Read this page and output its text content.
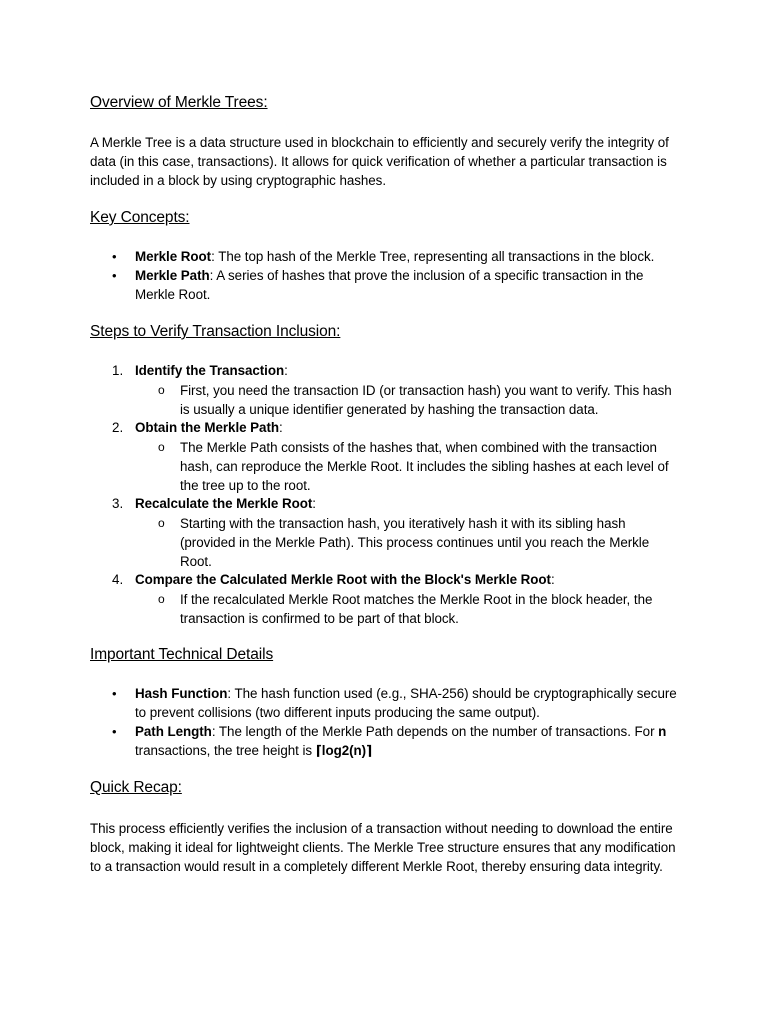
Overview of Merkle Trees:

A Merkle Tree is a data structure used in blockchain to efficiently and securely verify the integrity of data (in this case, transactions). It allows for quick verification of whether a particular transaction is included in a block by using cryptographic hashes.

Key Concepts:
• Merkle Root: The top hash of the Merkle Tree, representing all transactions in the block.

• Merkle Path: A series of hashes that prove the inclusion of a specific transaction in the Merkle Root.

Steps to Verify Transaction Inclusion:
1. Identify the Transaction:

o First, you need the transaction ID (or transaction hash) you want to verify. This hash is usually a unique identifier generated by hashing the transaction data.

2. Obtain the Merkle Path:

o The Merkle Path consists of the hashes that, when combined with the transaction hash, can reproduce the Merkle Root. It includes the sibling hashes at each level of the tree up to the root.

3. Recalculate the Merkle Root:

o Starting with the transaction hash, you iteratively hash it with its sibling hash (provided in the Merkle Path). This process continues until you reach the Merkle Root.

4. Compare the Calculated Merkle Root with the Block's Merkle Root:

o If the recalculated Merkle Root matches the Merkle Root in the block header, the transaction is confirmed to be part of that block.

Important Technical Details
• Hash Function: The hash function used (e.g., SHA-256) should be cryptographically secure to prevent collisions (two different inputs producing the same output).

• Path Length: The length of the Merkle Path depends on the number of transactions. For n transactions, the tree height is ⌈log2(n)⌉

Quick Recap:

This process efficiently verifies the inclusion of a transaction without needing to download the entire block, making it ideal for lightweight clients. The Merkle Tree structure ensures that any modification to a transaction would result in a completely different Merkle Root, thereby ensuring data integrity.
